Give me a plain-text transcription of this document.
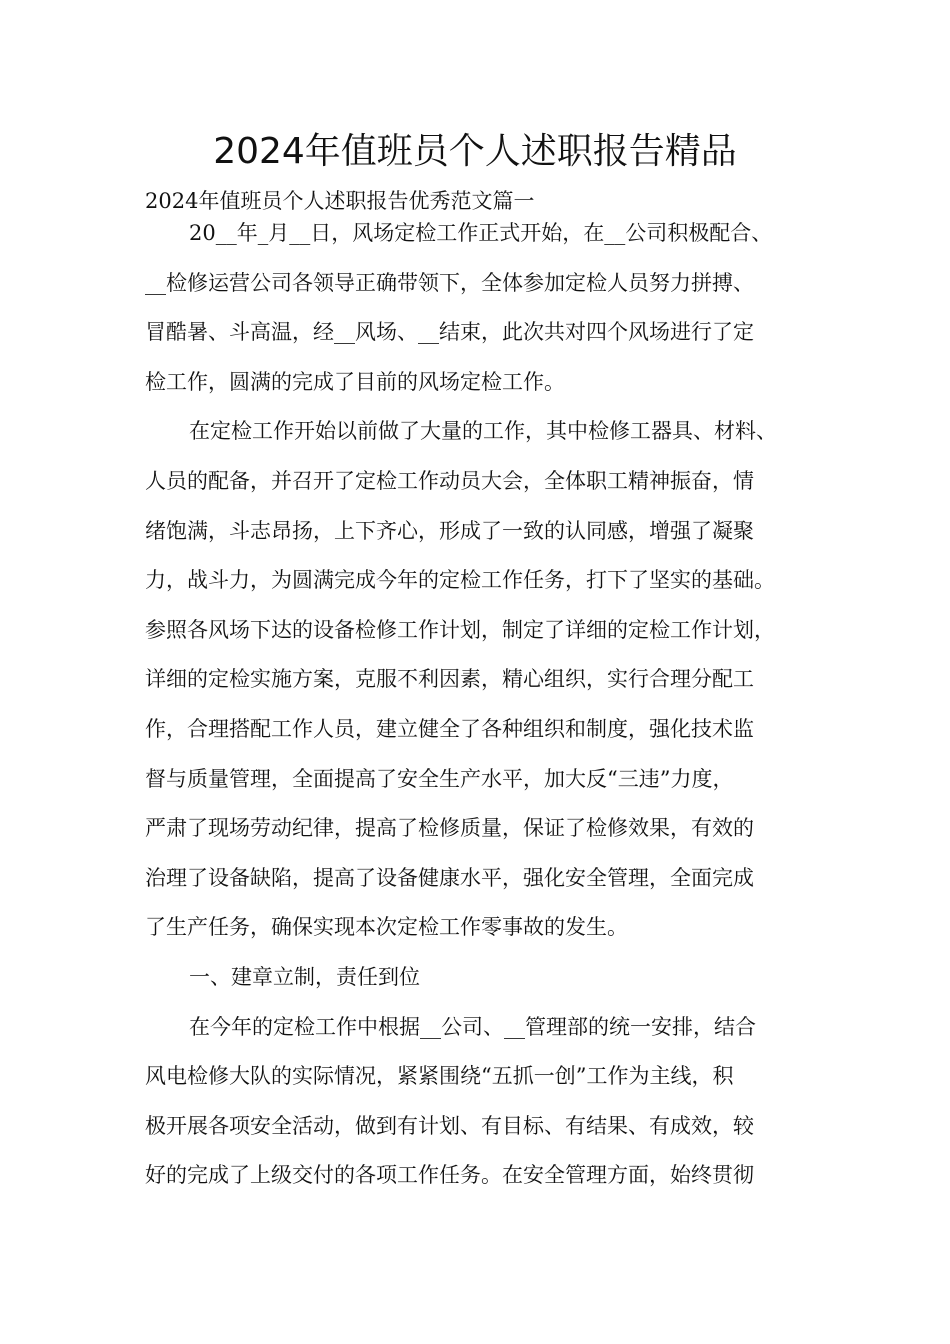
2024年值班员个人述职报告精品

2024年值班员个人述职报告优秀范文篇一

20__年_月__日，风场定检工作正式开始，在__公司积极配合、
__检修运营公司各领导正确带领下，全体参加定检人员努力拼搏、
冒酷暑、斗高温，经__风场、__结束，此次共对四个风场进行了定
检工作，圆满的完成了目前的风场定检工作。
在定检工作开始以前做了大量的工作，其中检修工器具、材料、
人员的配备，并召开了定检工作动员大会，全体职工精神振奋，情
绪饱满，斗志昂扬，上下齐心，形成了一致的认同感，增强了凝聚
力，战斗力，为圆满完成今年的定检工作任务，打下了坚实的基础。
参照各风场下达的设备检修工作计划，制定了详细的定检工作计划，
详细的定检实施方案，克服不利因素，精心组织，实行合理分配工
作，合理搭配工作人员，建立健全了各种组织和制度，强化技术监
督与质量管理，全面提高了安全生产水平，加大反“三违”力度，
严肃了现场劳动纪律，提高了检修质量，保证了检修效果，有效的
治理了设备缺陷，提高了设备健康水平，强化安全管理，全面完成
了生产任务，确保实现本次定检工作零事故的发生。
一、建章立制，责任到位
在今年的定检工作中根据__公司、__管理部的统一安排，结合
风电检修大队的实际情况，紧紧围绕“五抓一创”工作为主线，积
极开展各项安全活动，做到有计划、有目标、有结果、有成效，较
好的完成了上级交付的各项工作任务。在安全管理方面，始终贯彻
